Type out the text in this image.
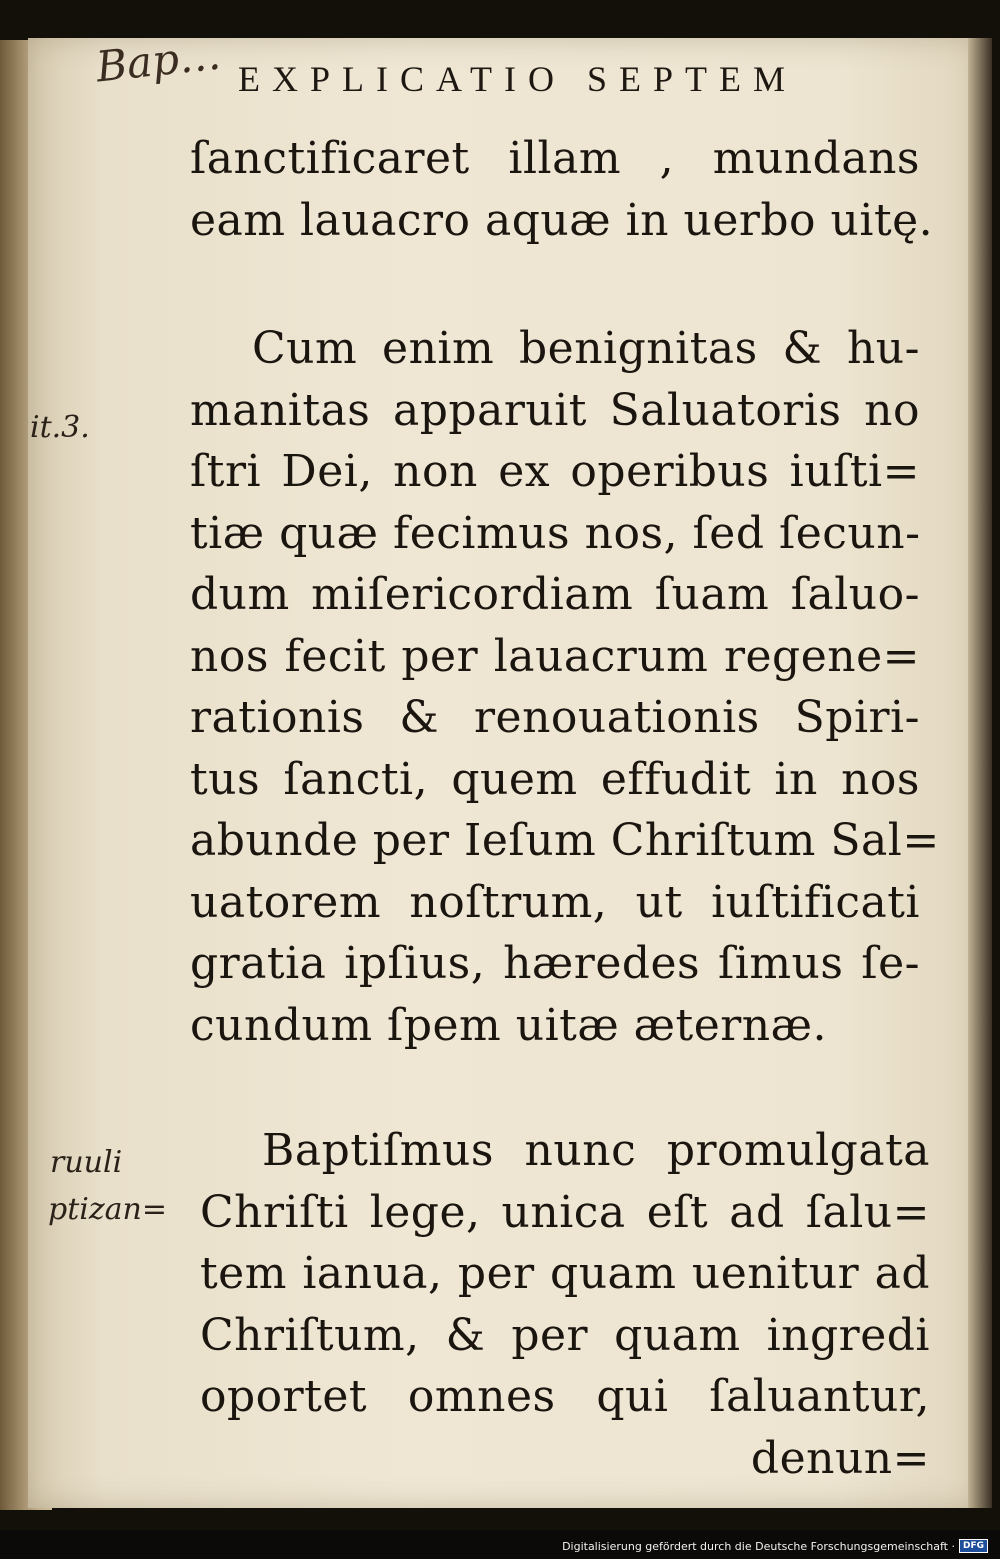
Bap… EXPLICATIO SEPTEM
it.3.
ruuli
ptizan=
ſanctificaret illam , mundans
eam lauacro aquæ in uerbo uitę.
Cum enim benignitas & hu-
manitas apparuit Saluatoris no
ſtri Dei, non ex operibus iuſti=
tiæ quæ fecimus nos, ſed ſecun-
dum miſericordiam ſuam ſaluo-
nos fecit per lauacrum regene=
rationis & renouationis Spiri-
tus ſancti, quem effudit in nos
abunde per Ieſum Chriſtum Sal=
uatorem noſtrum, ut iuſtificati
gratia ipſius, hæredes ſimus ſe-
cundum ſpem uitæ æternæ.
Baptiſmus nunc promulgata
Chriſti lege, unica eſt ad ſalu=
tem ianua, per quam uenitur ad
Chriſtum, & per quam ingredi
oportet omnes qui ſaluantur,
denun=
Digitalisierung gefördert durch die Deutsche Forschungsgemeinschaft · DFG
